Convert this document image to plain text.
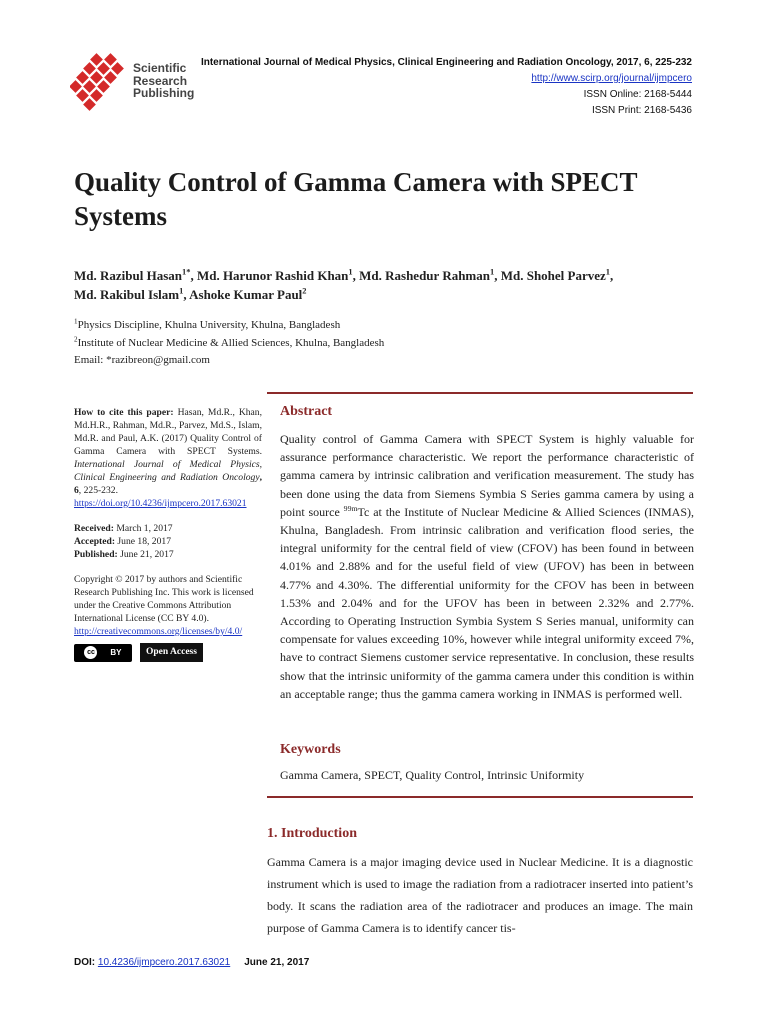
Scientific
Research
Publishing
International Journal of Medical Physics, Clinical Engineering and Radiation Oncology, 2017, 6, 225-232
http://www.scirp.org/journal/ijmpcero
ISSN Online: 2168-5444
ISSN Print: 2168-5436
Quality Control of Gamma Camera with SPECT Systems
Md. Razibul Hasan$^{1*}$, Md. Harunor Rashid Khan$^1$, Md. Rashedur Rahman$^1$, Md. Shohel Parvez$^1$,
Md. Rakibul Islam$^1$, Ashoke Kumar Paul$^2$
$^1$Physics Discipline, Khulna University, Khulna, Bangladesh
$^2$Institute of Nuclear Medicine & Allied Sciences, Khulna, Bangladesh
Email: *razibreon@gmail.com

How to cite this paper: Hasan, Md.R., Khan, Md.H.R., Rahman, Md.R., Parvez, Md.S., Islam, Md.R. and Paul, A.K. (2017) Quality Control of Gamma Camera with SPECT Systems. International Journal of Medical Physics, Clinical Engineering and Radiation Oncology, 6, 225-232.
https://doi.org/10.4236/ijmpcero.2017.63021

Received: March 1, 2017

Accepted: June 18, 2017

Published: June 21, 2017

Copyright © 2017 by authors and Scientific Research Publishing Inc. This work is licensed under the Creative Commons Attribution International License (CC BY 4.0).

http://creativecommons.org/licenses/by/4.0/

cc	BY	Open Access
Abstract

Quality control of Gamma Camera with SPECT System is highly valuable for assurance performance characteristic. We report the performance characteristic of gamma camera by intrinsic calibration and verification measurement. The study has been done using the data from Siemens Symbia S Series gamma camera by using a point source $^{99m}$Tc at the Institute of Nuclear Medicine & Allied Sciences (INMAS), Khulna, Bangladesh. From intrinsic calibration and verification flood series, the integral uniformity for the central field of view (CFOV) has been found in between 4.01% and 2.88% and for the useful field of view (UFOV) has been in between 4.77% and 4.30%. The differential uniformity for the CFOV has been in between 1.53% and 2.04% and for the UFOV has been in between 2.32% and 2.77%. According to Operating Instruction Symbia System S Series manual, uniformity can compensate for values exceeding 10%, however while integral uniformity exceed 7%, have to contract Siemens customer service representative. In conclusion, these results show that the intrinsic uniformity of the gamma camera under this condition is within an acceptable range; thus the gamma camera working in INMAS is performed well.

Keywords
Gamma Camera, SPECT, Quality Control, Intrinsic Uniformity
1. Introduction

Gamma Camera is a major imaging device used in Nuclear Medicine. It is a diagnostic instrument which is used to image the radiation from a radiotracer inserted into patient’s body. It scans the radiation area of the radiotracer and produces an image. The main purpose of Gamma Camera is to identify cancer tis-

DOI: 10.4236/ijmpcero.2017.63021 June 21, 2017
